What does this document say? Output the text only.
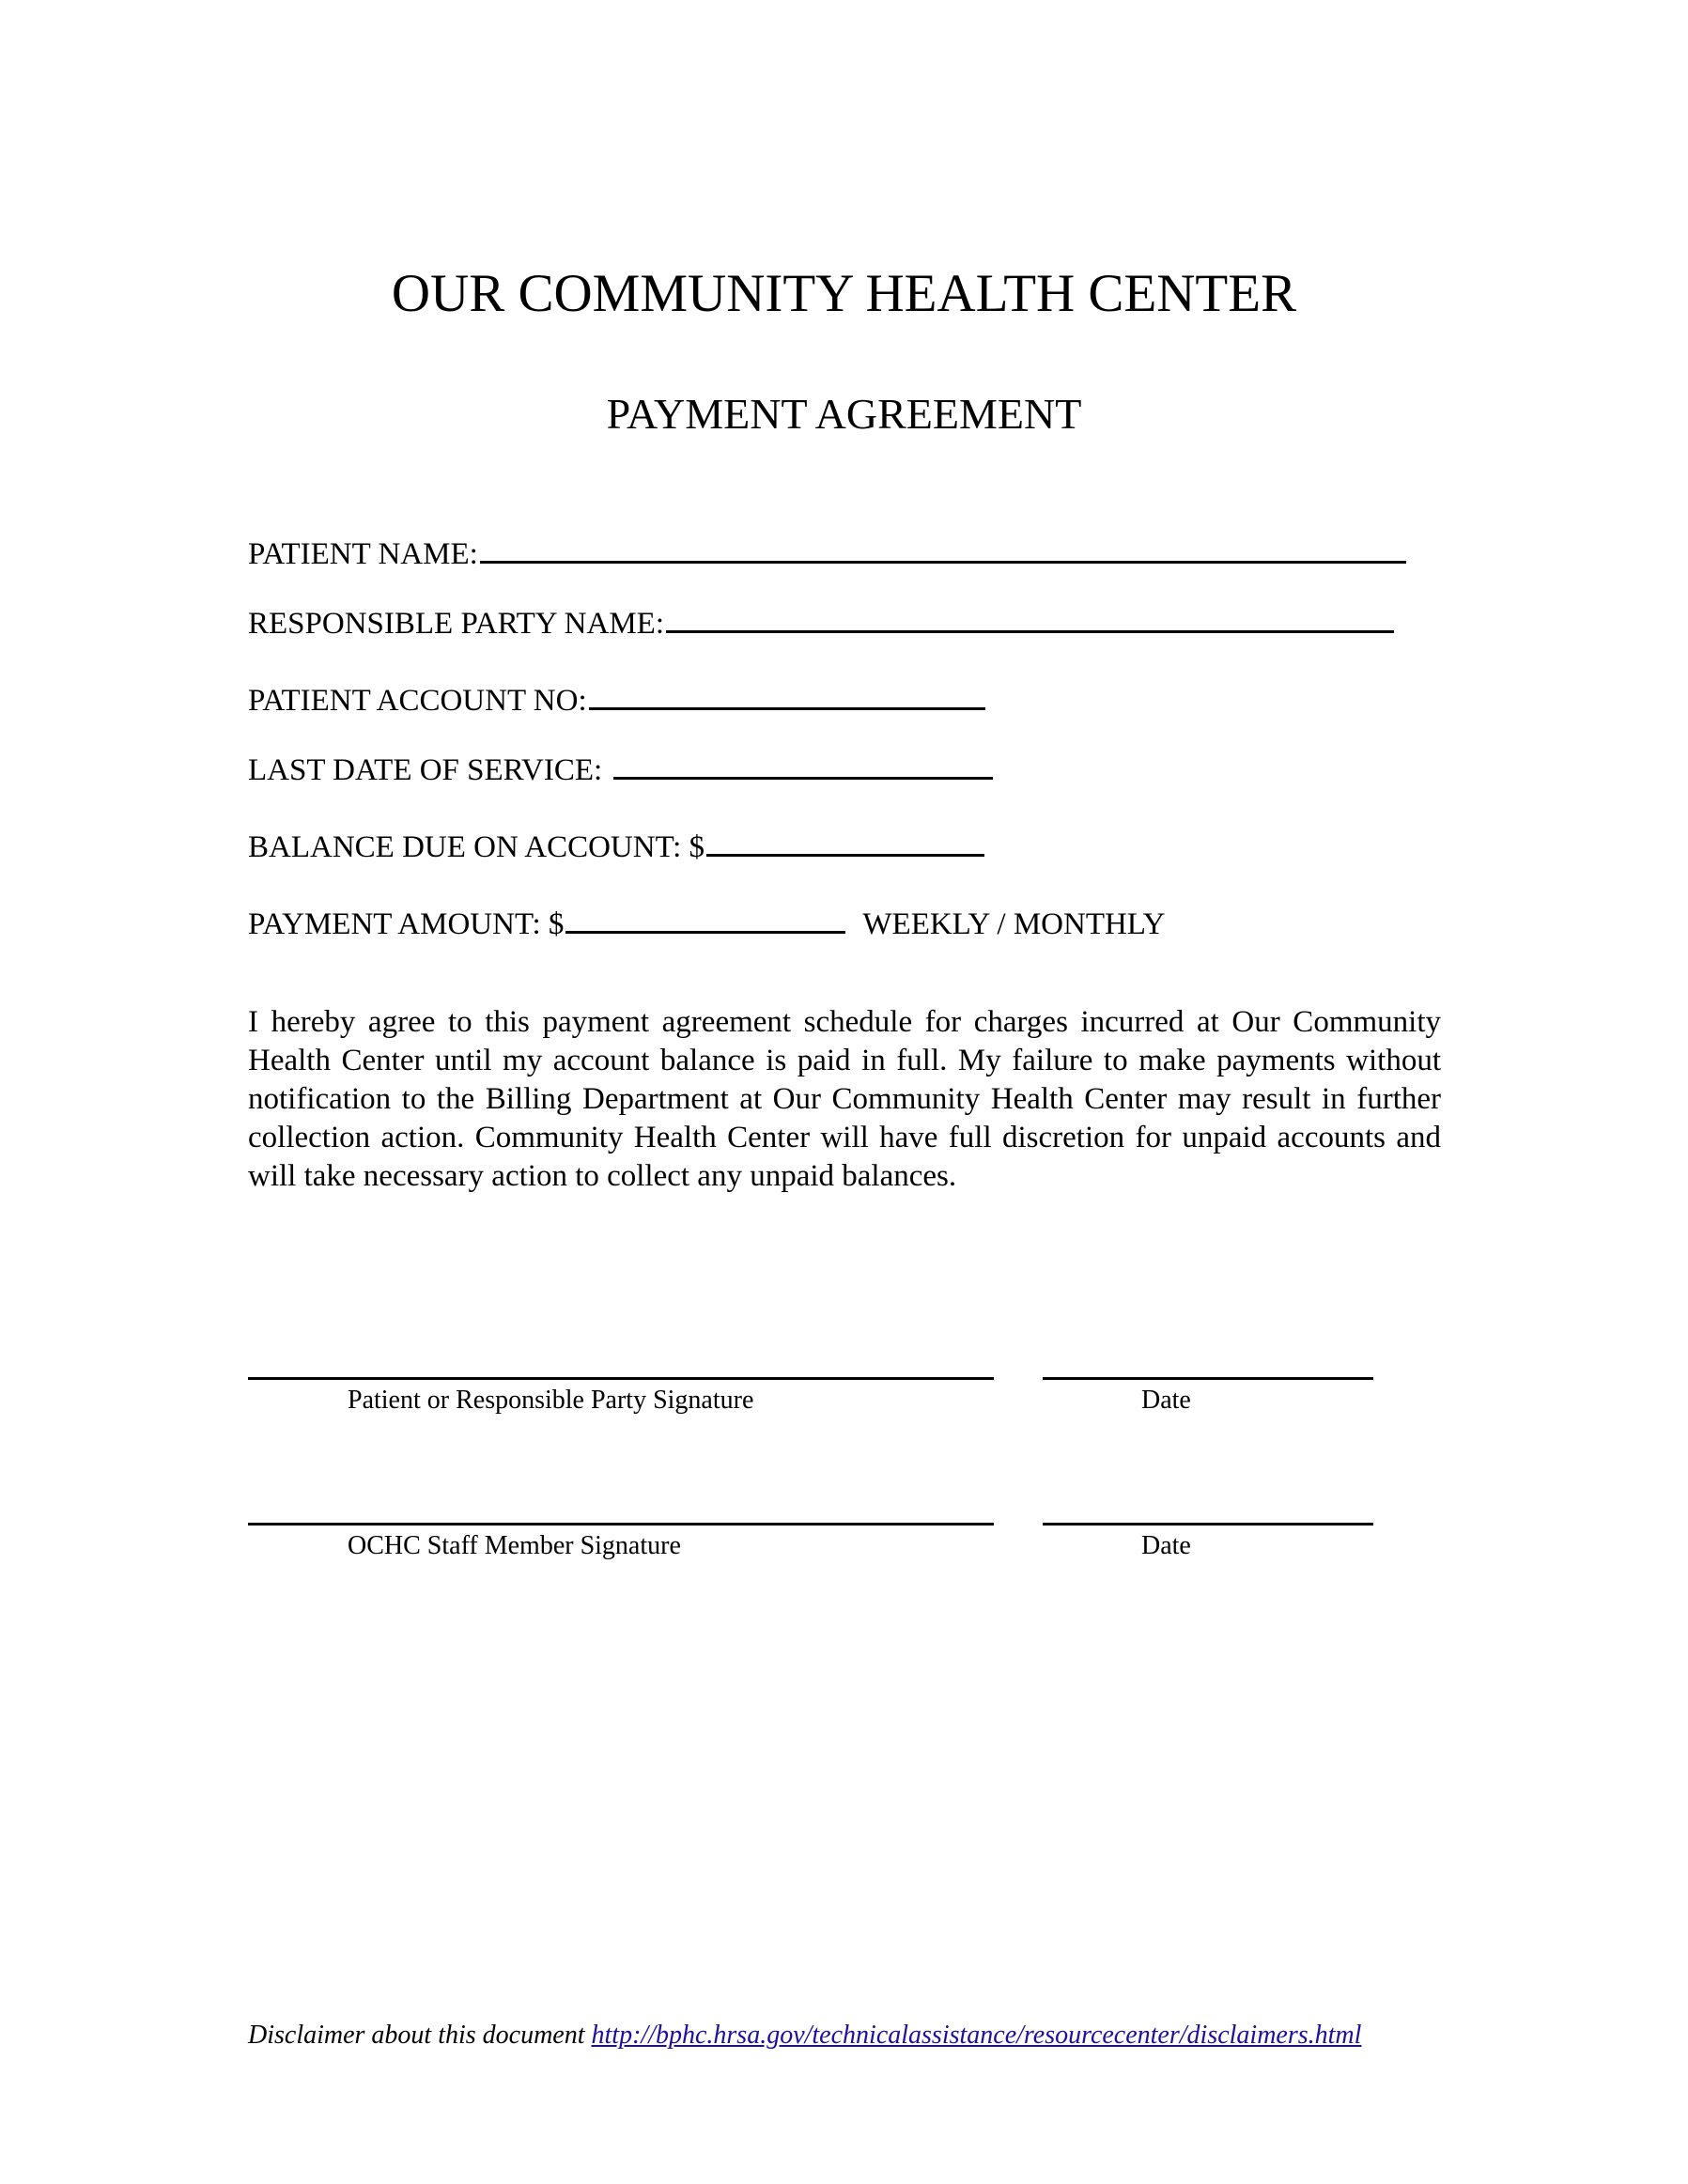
OUR COMMUNITY HEALTH CENTER
PAYMENT AGREEMENT
PATIENT NAME:
RESPONSIBLE PARTY NAME:
PATIENT ACCOUNT NO:
LAST DATE OF SERVICE:
BALANCE DUE ON ACCOUNT: $
PAYMENT AMOUNT: $	WEEKLY / MONTHLY
I hereby agree to this payment agreement schedule for charges incurred at Our Community Health Center until my account balance is paid in full. My failure to make payments without notification to the Billing Department at Our Community Health Center may result in further collection action. Community Health Center will have full discretion for unpaid accounts and will take necessary action to collect any unpaid balances.
Patient or Responsible Party Signature	Date
OCHC Staff Member Signature	Date
Disclaimer about this document http://bphc.hrsa.gov/technicalassistance/resourcecenter/disclaimers.html
